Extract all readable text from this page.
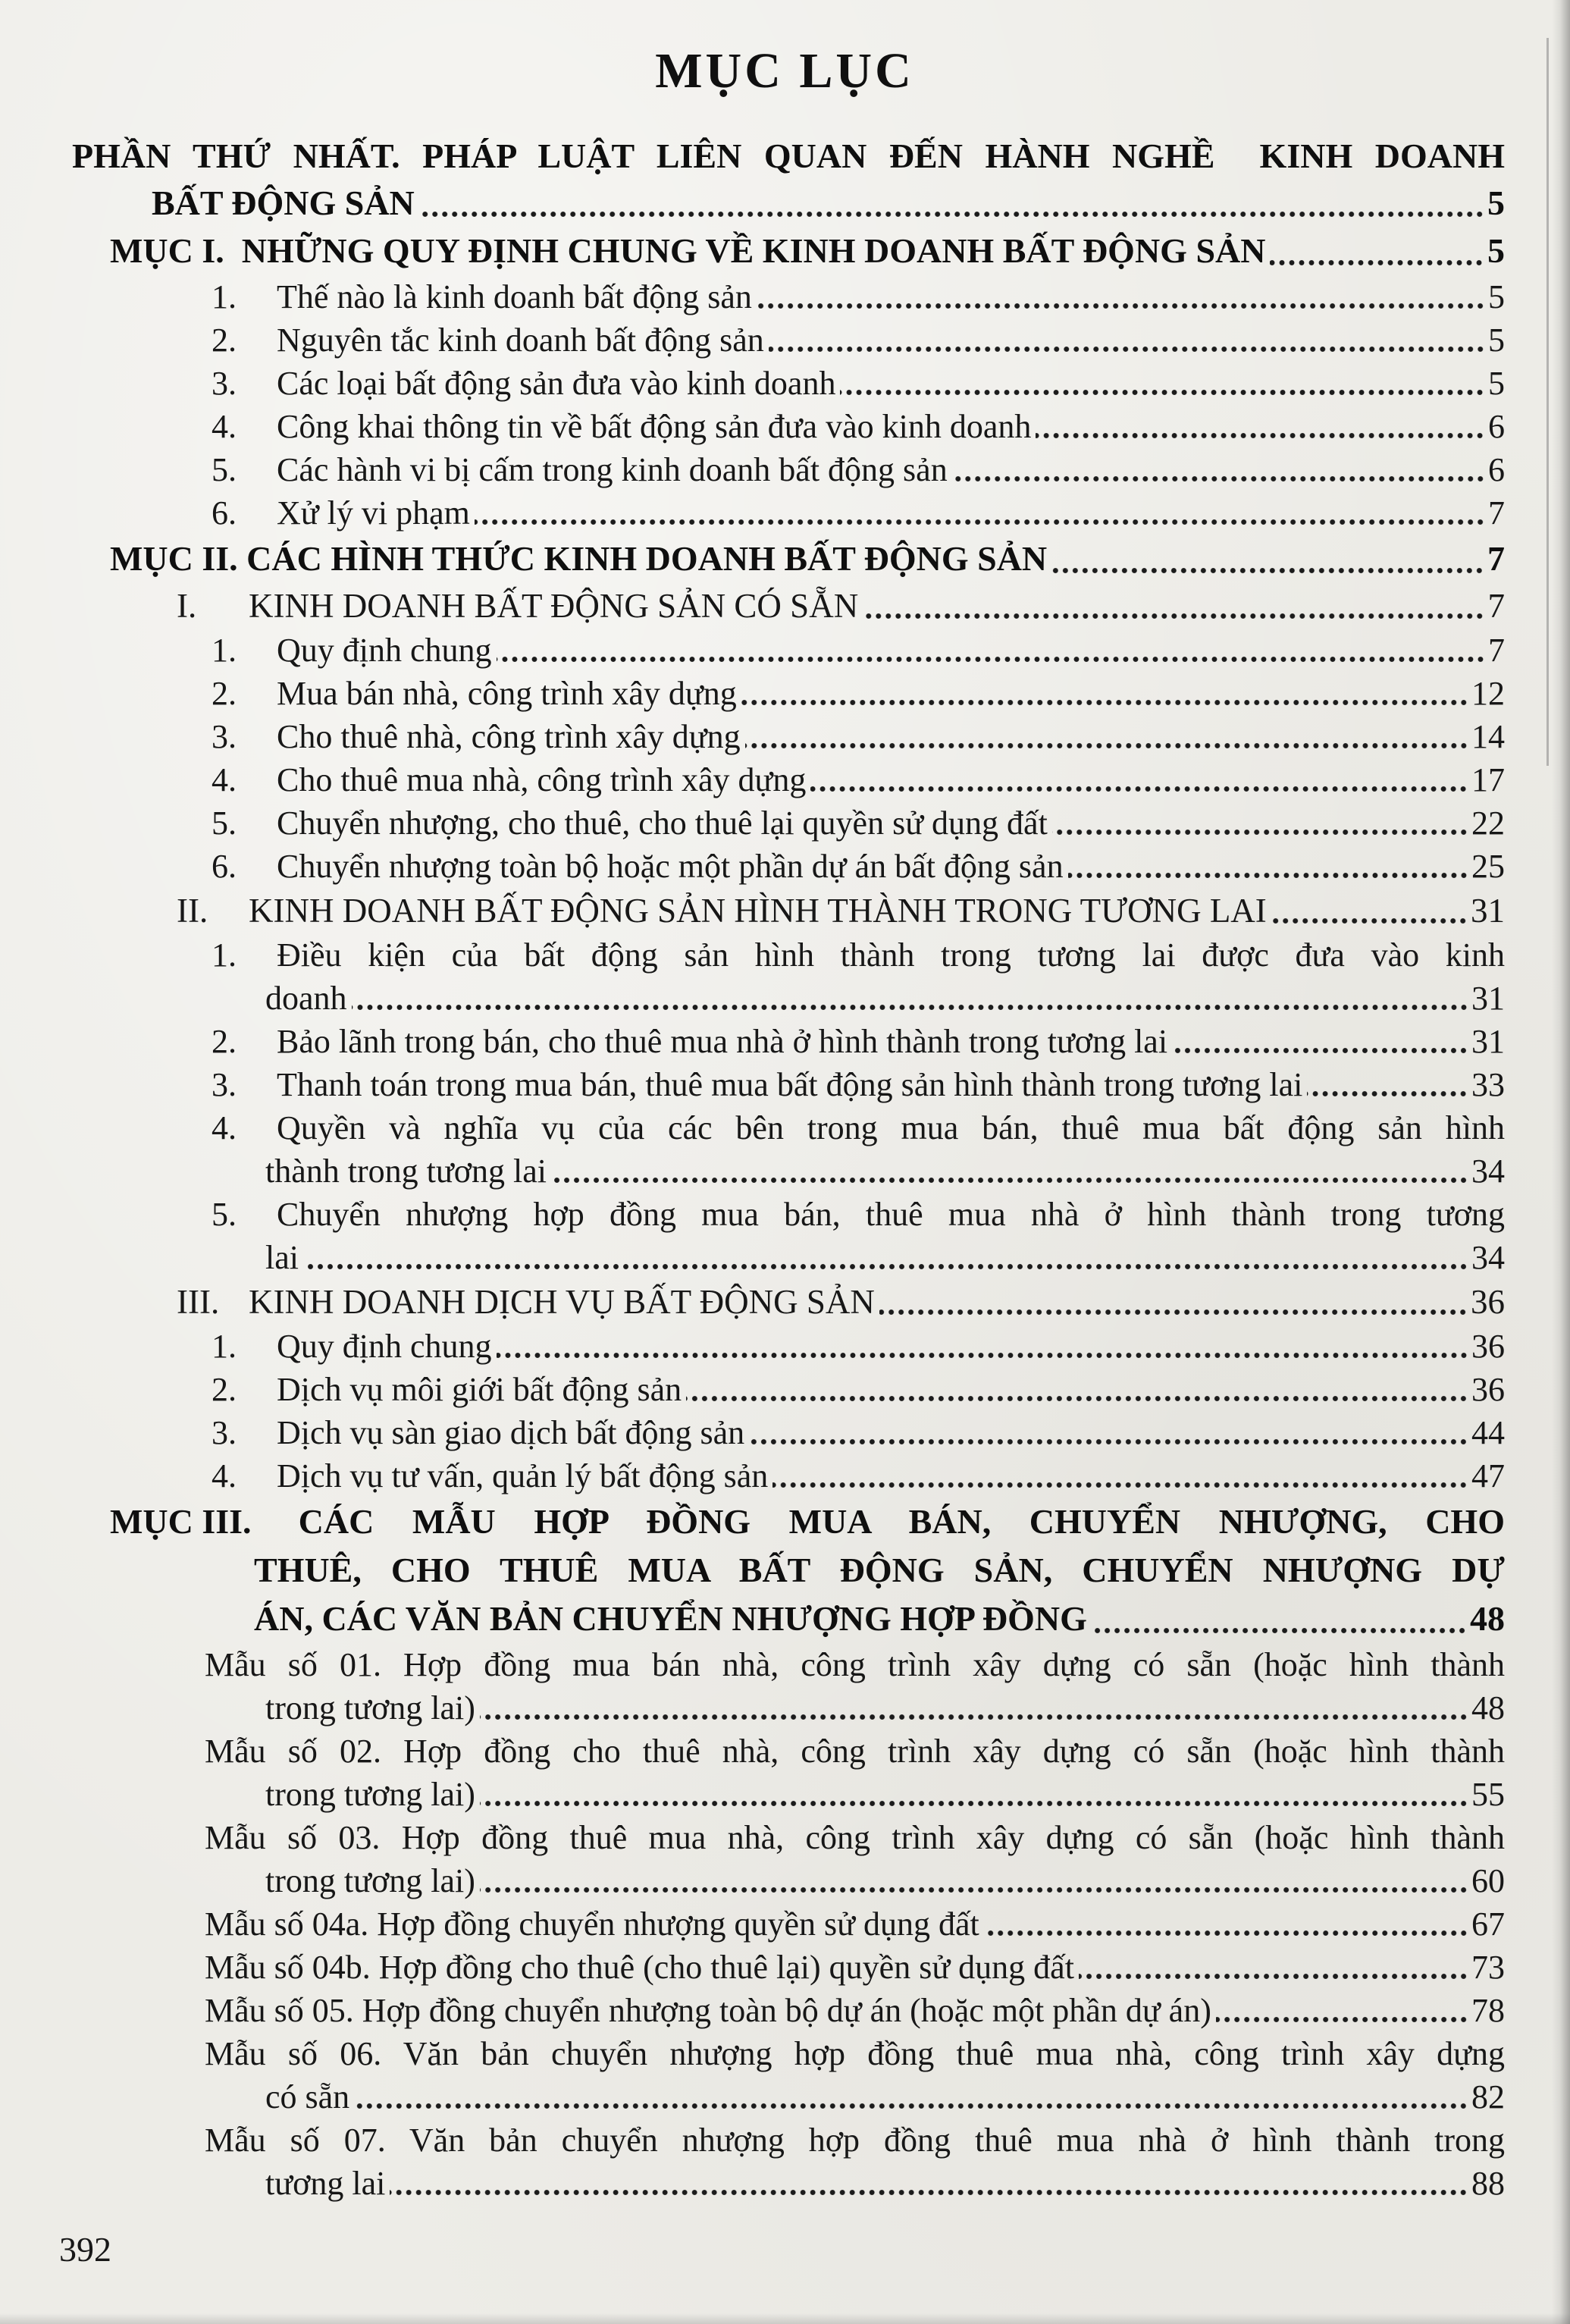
MỤC LỤC
PHẦN THỨ NHẤT. PHÁP LUẬT LIÊN QUAN ĐẾN HÀNH NGHỀ  KINH DOANH
BẤT ĐỘNG SẢN	5
MỤC I. NHỮNG QUY ĐỊNH CHUNG VỀ KINH DOANH BẤT ĐỘNG SẢN	5
1. Thế nào là kinh doanh bất động sản	5
2. Nguyên tắc kinh doanh bất động sản	5
3. Các loại bất động sản đưa vào kinh doanh	5
4. Công khai thông tin về bất động sản đưa vào kinh doanh	6
5. Các hành vi bị cấm trong kinh doanh bất động sản	6
6. Xử lý vi phạm	7
MỤC II. CÁC HÌNH THỨC KINH DOANH BẤT ĐỘNG SẢN	7
I.	KINH DOANH BẤT ĐỘNG SẢN CÓ SẴN	7
1. Quy định chung	7
2. Mua bán nhà, công trình xây dựng	12
3. Cho thuê nhà, công trình xây dựng	14
4. Cho thuê mua nhà, công trình xây dựng	17
5. Chuyển nhượng, cho thuê, cho thuê lại quyền sử dụng đất	22
6. Chuyển nhượng toàn bộ hoặc một phần dự án bất động sản	25
II. KINH DOANH BẤT ĐỘNG SẢN HÌNH THÀNH TRONG TƯƠNG LAI	31
1. Điều kiện của bất động sản hình thành trong tương lai được đưa vào kinh
doanh	31
2. Bảo lãnh trong bán, cho thuê mua nhà ở hình thành trong tương lai	31
3. Thanh toán trong mua bán, thuê mua bất động sản hình thành trong tương lai	33
4. Quyền và nghĩa vụ của các bên trong mua bán, thuê mua bất động sản hình
thành trong tương lai	34
5. Chuyển nhượng hợp đồng mua bán, thuê mua nhà ở hình thành trong tương
lai	34
III. KINH DOANH DỊCH VỤ BẤT ĐỘNG SẢN	36
1. Quy định chung	36
2. Dịch vụ môi giới bất động sản	36
3. Dịch vụ sàn giao dịch bất động sản	44
4. Dịch vụ tư vấn, quản lý bất động sản	47
MỤC III. CÁC MẪU HỢP ĐỒNG MUA BÁN, CHUYỂN NHƯỢNG, CHO
THUÊ, CHO THUÊ MUA BẤT ĐỘNG SẢN, CHUYỂN NHƯỢNG DỰ
ÁN, CÁC VĂN BẢN CHUYỂN NHƯỢNG HỢP ĐỒNG	48
Mẫu số 01. Hợp đồng mua bán nhà, công trình xây dựng có sẵn (hoặc hình thành
trong tương lai)	48
Mẫu số 02. Hợp đồng cho thuê nhà, công trình xây dựng có sẵn (hoặc hình thành
trong tương lai)	55
Mẫu số 03. Hợp đồng thuê mua nhà, công trình xây dựng có sẵn (hoặc hình thành
trong tương lai)	60
Mẫu số 04a. Hợp đồng chuyển nhượng quyền sử dụng đất	67
Mẫu số 04b. Hợp đồng cho thuê (cho thuê lại) quyền sử dụng đất	73
Mẫu số 05. Hợp đồng chuyển nhượng toàn bộ dự án (hoặc một phần dự án)	78
Mẫu số 06. Văn bản chuyển nhượng hợp đồng thuê mua nhà, công trình xây dựng
có sẵn	82
Mẫu số 07. Văn bản chuyển nhượng hợp đồng thuê mua nhà ở hình thành trong
tương lai	88
392
